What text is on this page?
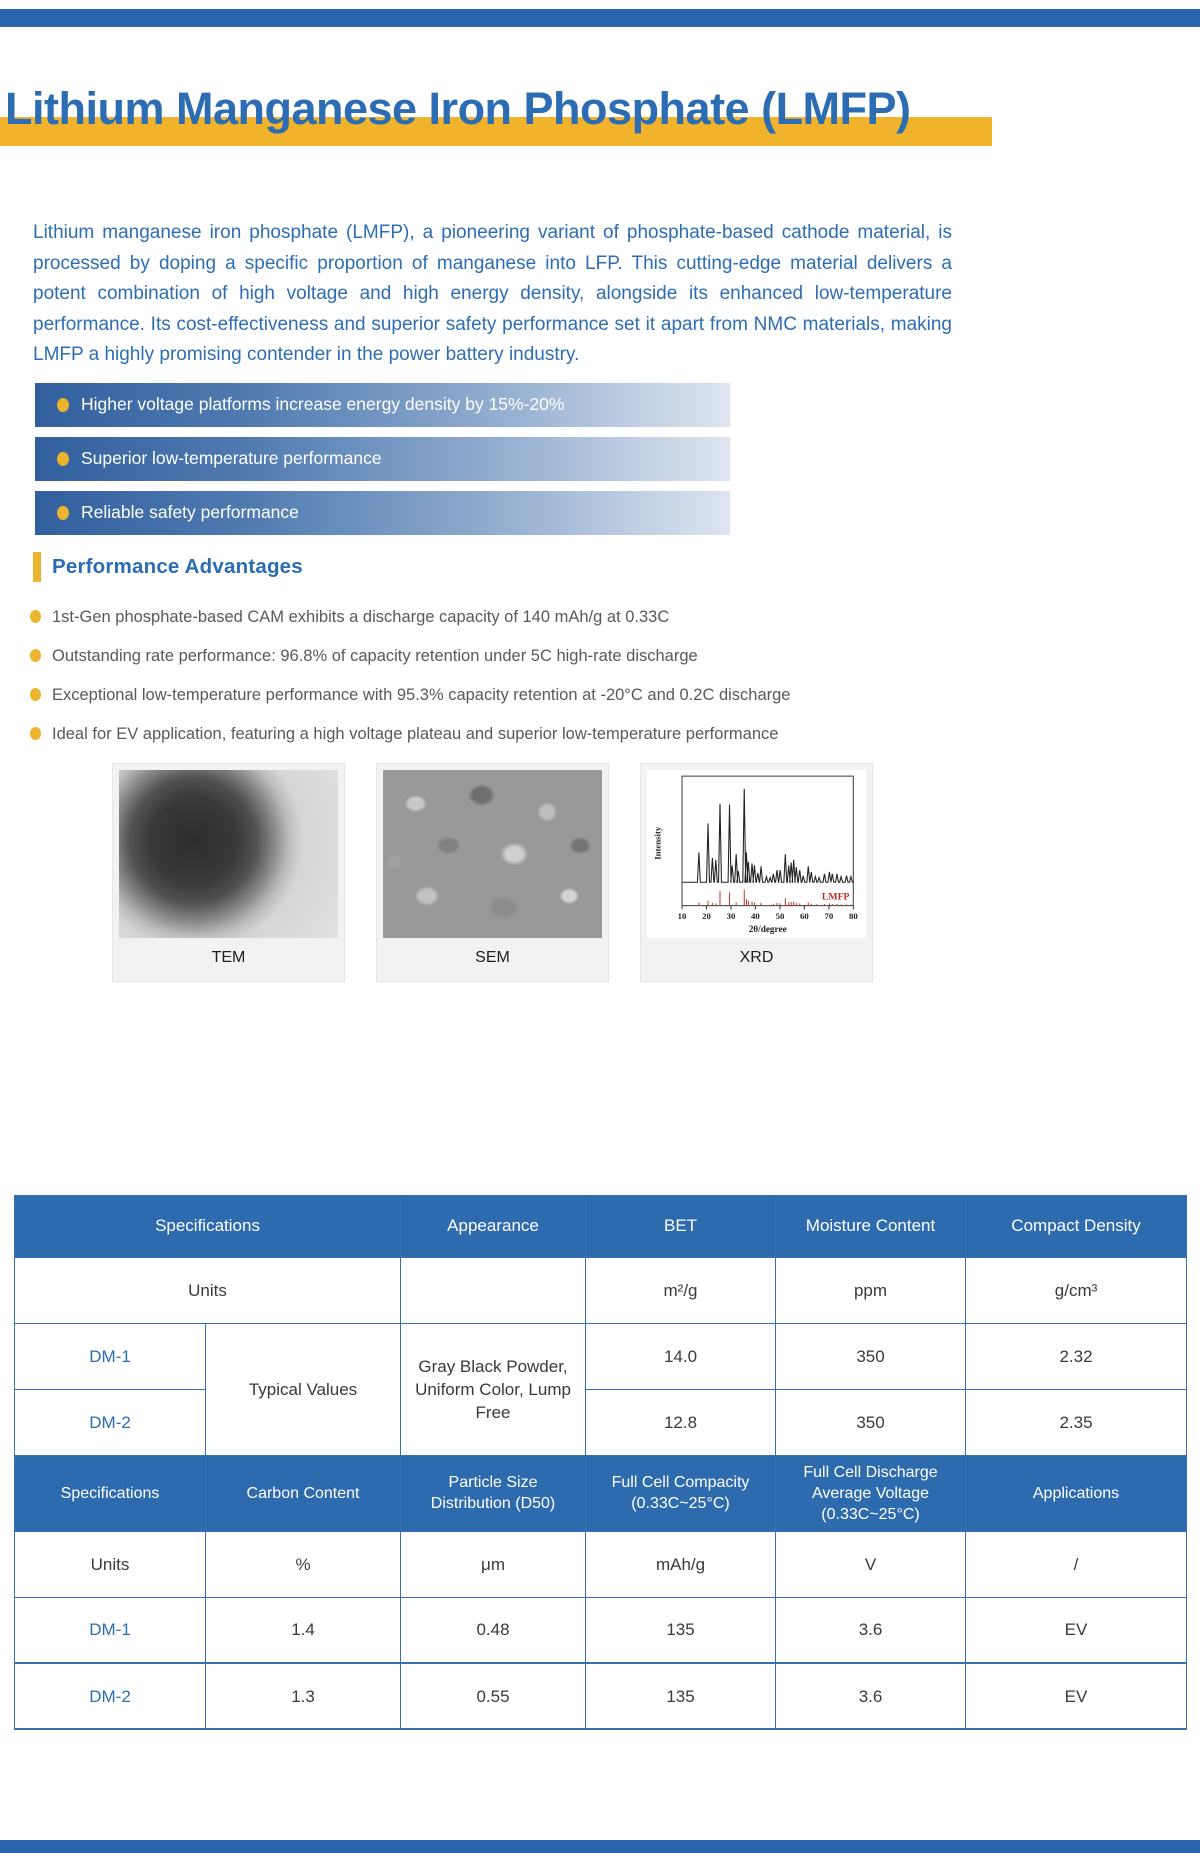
Lithium Manganese Iron Phosphate (LMFP)

Lithium manganese iron phosphate (LMFP), a pioneering variant of phosphate-based cathode material, is processed by doping a specific proportion of manganese into LFP. This cutting-edge material delivers a potent combination of high voltage and high energy density, alongside its enhanced low-temperature performance. Its cost-effectiveness and superior safety performance set it apart from NMC materials, making LMFP a highly promising contender in the power battery industry.

Higher voltage platforms increase energy density by 15%-20%
Superior low-temperature performance
Reliable safety performance
Performance Advantages
1st-Gen phosphate-based CAM exhibits a discharge capacity of 140 mAh/g at 0.33C
Outstanding rate performance: 96.8% of capacity retention under 5C high-rate discharge
Exceptional low-temperature performance with 95.3% capacity retention at -20°C and 0.2C discharge
Ideal for EV application, featuring a high voltage plateau and superior low-temperature performance
TEM	SEM
10 20 30 40 50 60 70 80
Intensity
2θ/degree
LMFP
XRD
Specifications		Appearance	BET	Moisture Content	Compact Density
Units			m²/g	ppm	g/cm³
DM-1	Typical Values	Gray Black Powder, Uniform Color, Lump Free	14.0	350	2.32
DM-2			12.8	350	2.35
Specifications	Carbon Content	Particle Size Distribution (D50)	Full Cell Compacity (0.33C~25°C)	Full Cell Discharge Average Voltage (0.33C~25°C)	Applications
Units	%	μm	mAh/g	V	/
DM-1	1.4	0.48	135	3.6	EV
DM-2	1.3	0.55	135	3.6	EV
